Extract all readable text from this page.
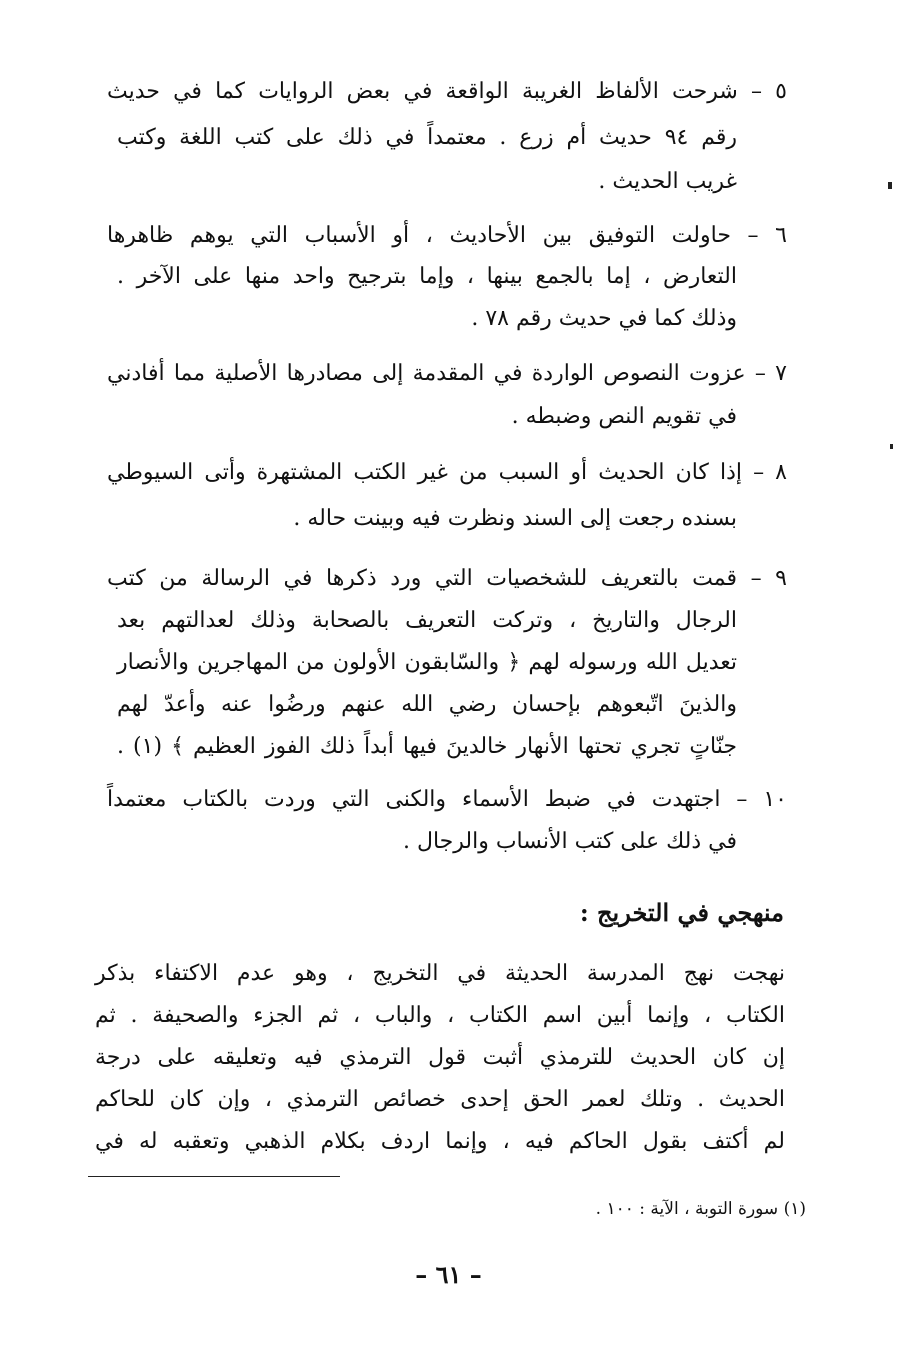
٥ – شرحت الألفاظ الغريبة الواقعة في بعض الروايات كما في حديث
رقم ٩٤ حديث أم زرع . معتمداً في ذلك على كتب اللغة وكتب
غريب الحديث .
٦ – حاولت التوفيق بين الأحاديث ، أو الأسباب التي يوهم ظاهرها
التعارض ، إما بالجمع بينها ، وإما بترجيح واحد منها على الآخر .
وذلك كما في حديث رقم ٧٨ .
٧ – عزوت النصوص الواردة في المقدمة إلى مصادرها الأصلية مما أفادني
في تقويم النص وضبطه .
٨ – إذا كان الحديث أو السبب من غير الكتب المشتهرة وأتى السيوطي
بسنده رجعت إلى السند ونظرت فيه وبينت حاله .
٩ – قمت بالتعريف للشخصيات التي ورد ذكرها في الرسالة من كتب
الرجال والتاريخ ، وتركت التعريف بالصحابة وذلك لعدالتهم بعد
تعديل الله ورسوله لهم ﴿ والسّابقون الأولون من المهاجرين والأنصار
والذينَ اتّبعوهم بإحسان رضي الله عنهم ورضُوا عنه وأعدّ لهم
جنّاتٍ تجري تحتها الأنهار خالدينَ فيها أبداً ذلك الفوز العظيم ﴾ (١) .
١٠ – اجتهدت في ضبط الأسماء والكنى التي وردت بالكتاب معتمداً
في ذلك على كتب الأنساب والرجال .
منهجي في التخريج :
نهجت نهج المدرسة الحديثة في التخريج ، وهو عدم الاكتفاء بذكر
الكتاب ، وإنما أبين اسم الكتاب ، والباب ، ثم الجزء والصحيفة . ثم
إن كان الحديث للترمذي أثبت قول الترمذي فيه وتعليقه على درجة
الحديث . وتلك لعمر الحق إحدى خصائص الترمذي ، وإن كان للحاكم
لم أكتف بقول الحاكم فيه ، وإنما اردف بكلام الذهبي وتعقبه له في
(١) سورة التوبة ، الآية : ١٠٠ .
– ٦١ –
